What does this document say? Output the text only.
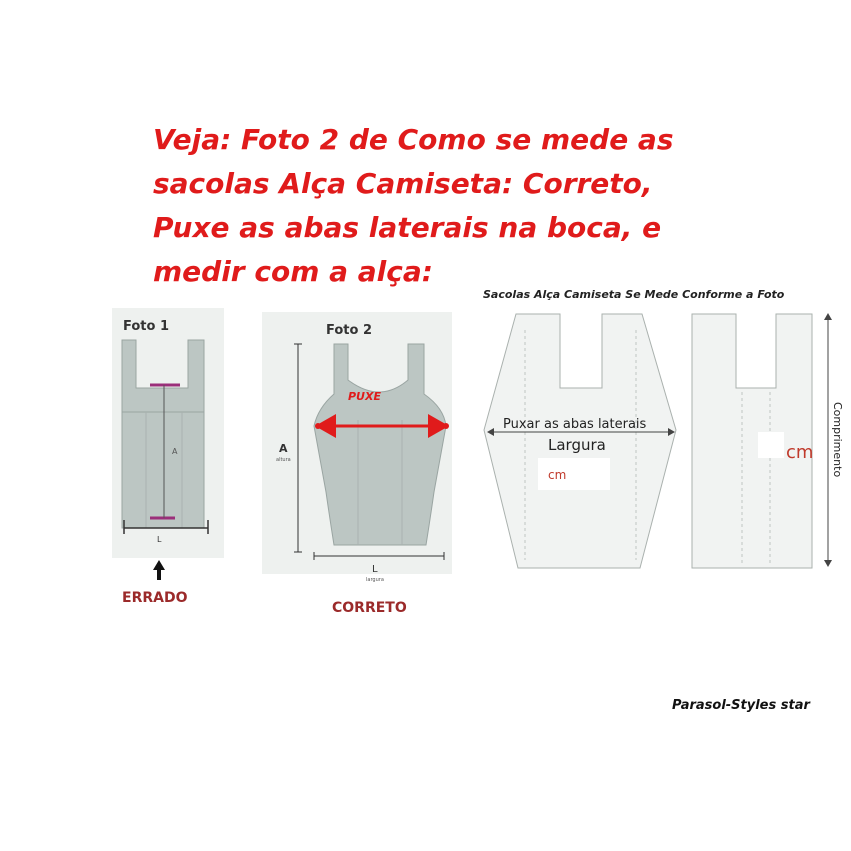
Veja: Foto 2 de Como se mede as
sacolas Alça Camiseta: Correto,
Puxe as abas laterais na boca, e
medir com a alça:
Sacolas Alça Camiseta Se Mede Conforme a Foto
Foto 1
A
L
ERRADO
Foto 2
PUXE
A
altura
L
largura
CORRETO
Puxar as abas laterais
Largura
cm
cm Comprimento
Parasol-Styles star
